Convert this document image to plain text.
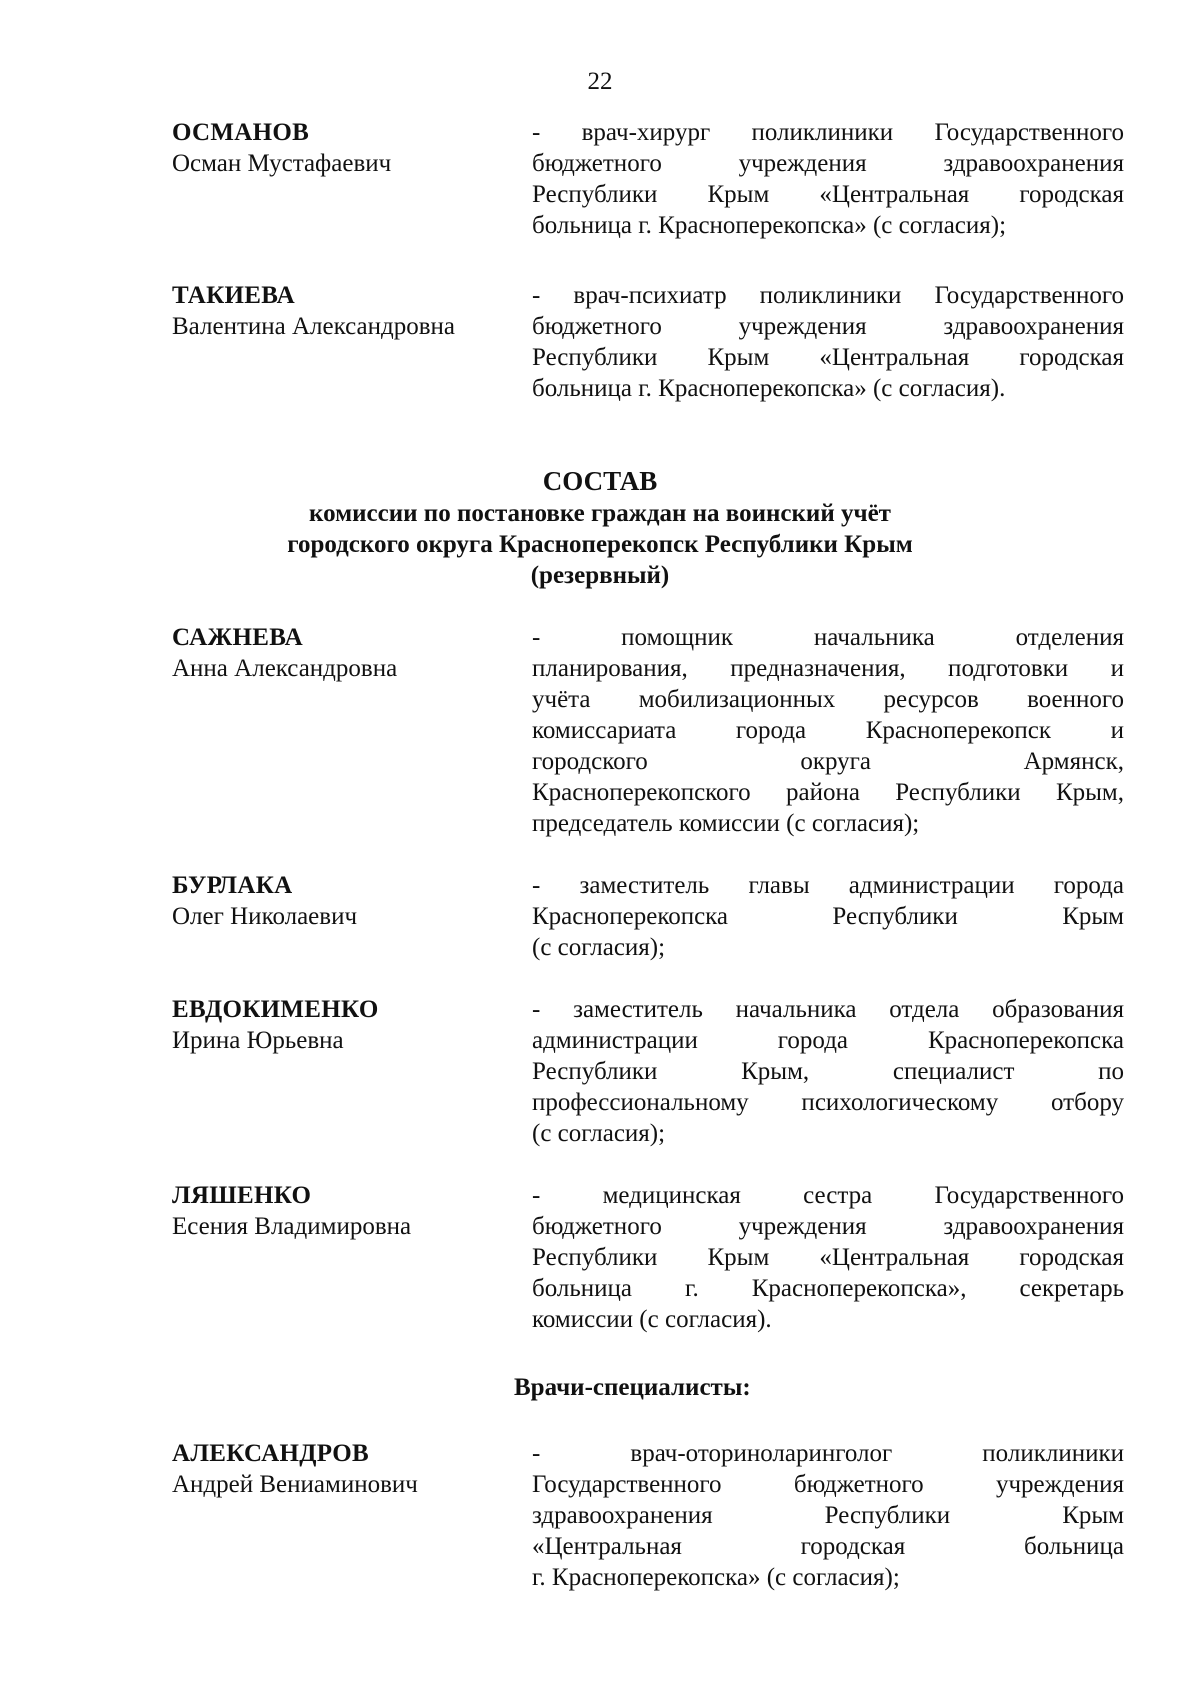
22
ОСМАНОВ
Осман Мустафаевич
- врач-хирург поликлиники Государственного
бюджетного учреждения здравоохранения
Республики Крым «Центральная городская
больница г. Красноперекопска» (с согласия);
ТАКИЕВА
Валентина Александровна
- врач-психиатр поликлиники Государственного
бюджетного учреждения здравоохранения
Республики Крым «Центральная городская
больница г. Красноперекопска» (с согласия).
СОСТАВ
комиссии по постановке граждан на воинский учёт
городского округа Красноперекопск Республики Крым
(резервный)
САЖНЕВА
Анна Александровна
- помощник начальника отделения
планирования, предназначения, подготовки и
учёта мобилизационных ресурсов военного
комиссариата города Красноперекопск и
городского округа Армянск,
Красноперекопского района Республики Крым,
председатель комиссии (с согласия);
БУРЛАКА
Олег Николаевич
- заместитель главы администрации города
Красноперекопска Республики Крым
(с согласия);
ЕВДОКИМЕНКО
Ирина Юрьевна
- заместитель начальника отдела образования
администрации города Красноперекопска
Республики Крым, специалист по
профессиональному психологическому отбору
(с согласия);
ЛЯШЕНКО
Есения Владимировна
- медицинская сестра Государственного
бюджетного учреждения здравоохранения
Республики Крым «Центральная городская
больница г. Красноперекопска», секретарь
комиссии (с согласия).
Врачи-специалисты:
АЛЕКСАНДРОВ
Андрей Вениаминович
- врач-оториноларинголог поликлиники
Государственного бюджетного учреждения
здравоохранения Республики Крым
«Центральная городская больница
г. Красноперекопска» (с согласия);
